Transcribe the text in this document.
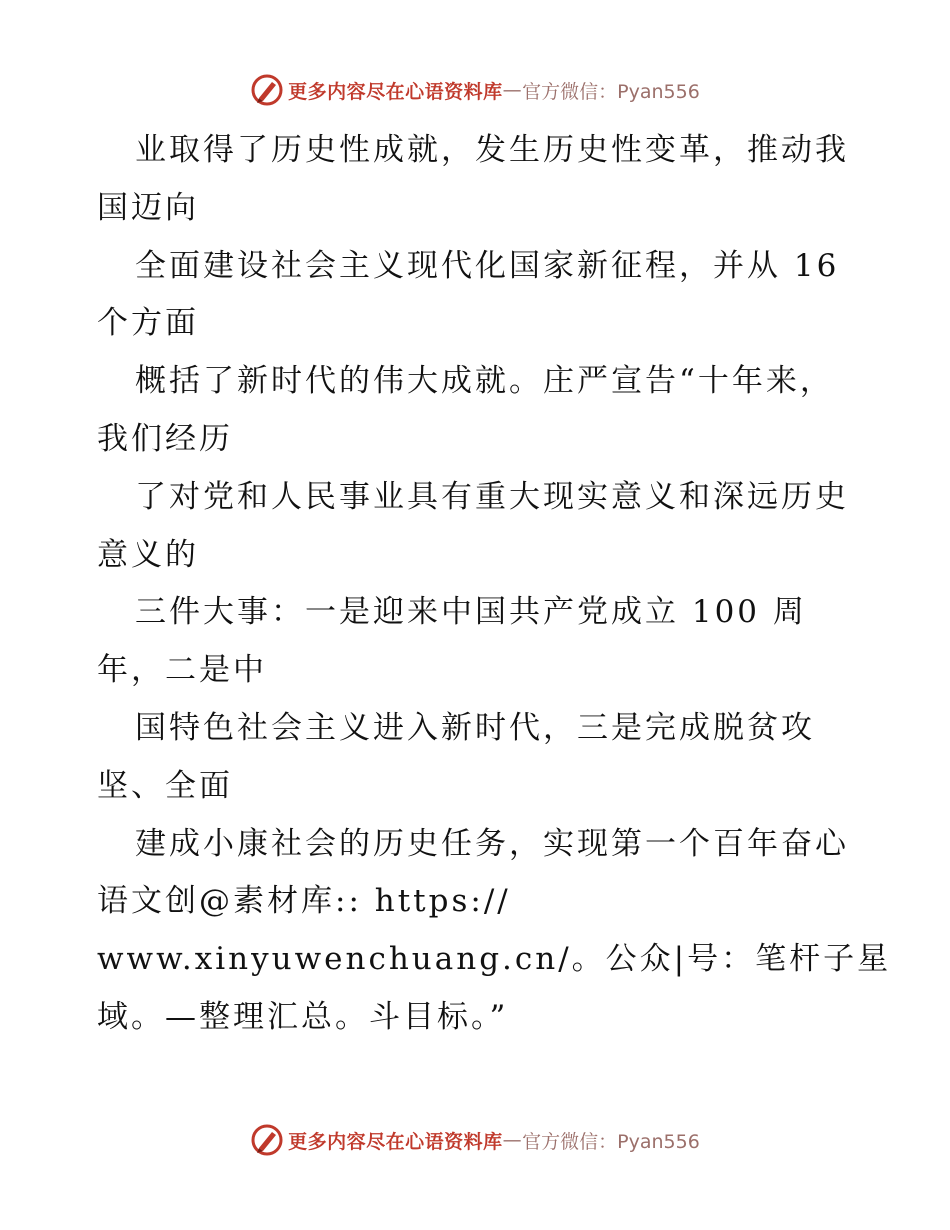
更多内容尽在心语资料库 — 官方微信：Pyan556
业取得了历史性成就，发生历史性变革，推动我
国迈向
全面建设社会主义现代化国家新征程，并从 16
个方面
概括了新时代的伟大成就。庄严宣告“十年来，
我们经历
了对党和人民事业具有重大现实意义和深远历史
意义的
三件大事：一是迎来中国共产党成立 100 周
年，二是中
国特色社会主义进入新时代，三是完成脱贫攻
坚、全面
建成小康社会的历史任务，实现第一个百年奋心
语文创@素材库:: https://
www.xinyuwenchuang.cn/。公众|号：笔杆子星
域。—整理汇总。斗目标。”
更多内容尽在心语资料库 — 官方微信：Pyan556
